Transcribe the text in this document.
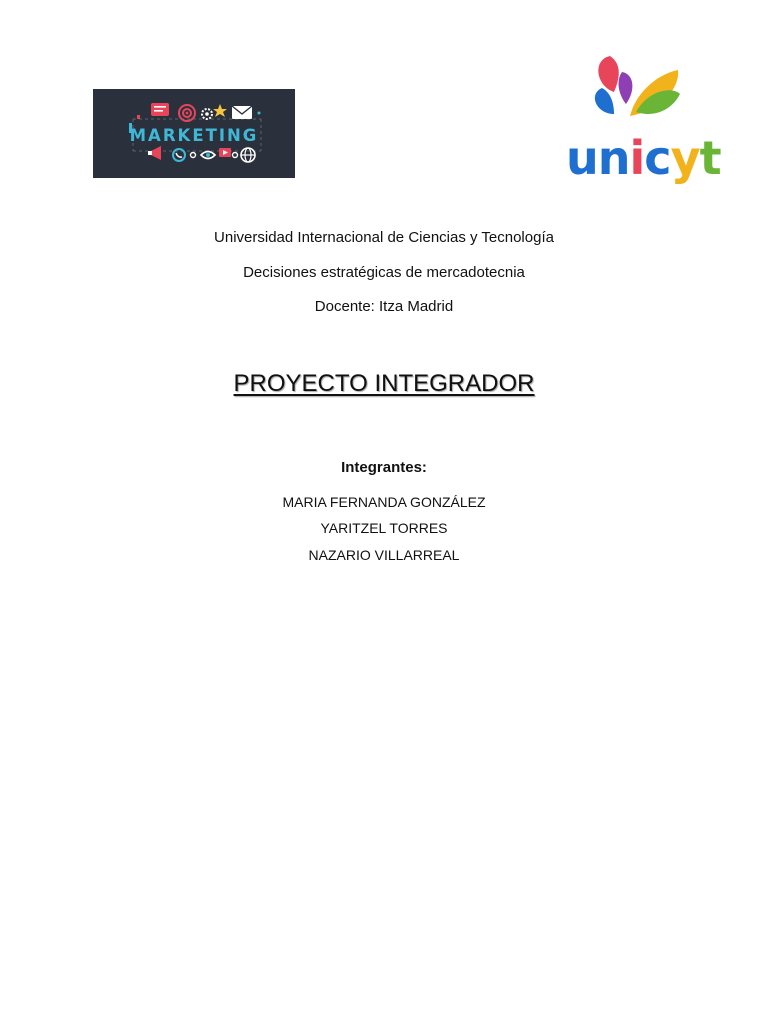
MARKETING	unicyt
Universidad Internacional de Ciencias y Tecnología
Decisiones estratégicas de mercadotecnia
Docente: Itza Madrid
PROYECTO INTEGRADOR
Integrantes:
MARIA FERNANDA GONZÁLEZ
YARITZEL TORRES
NAZARIO VILLARREAL
